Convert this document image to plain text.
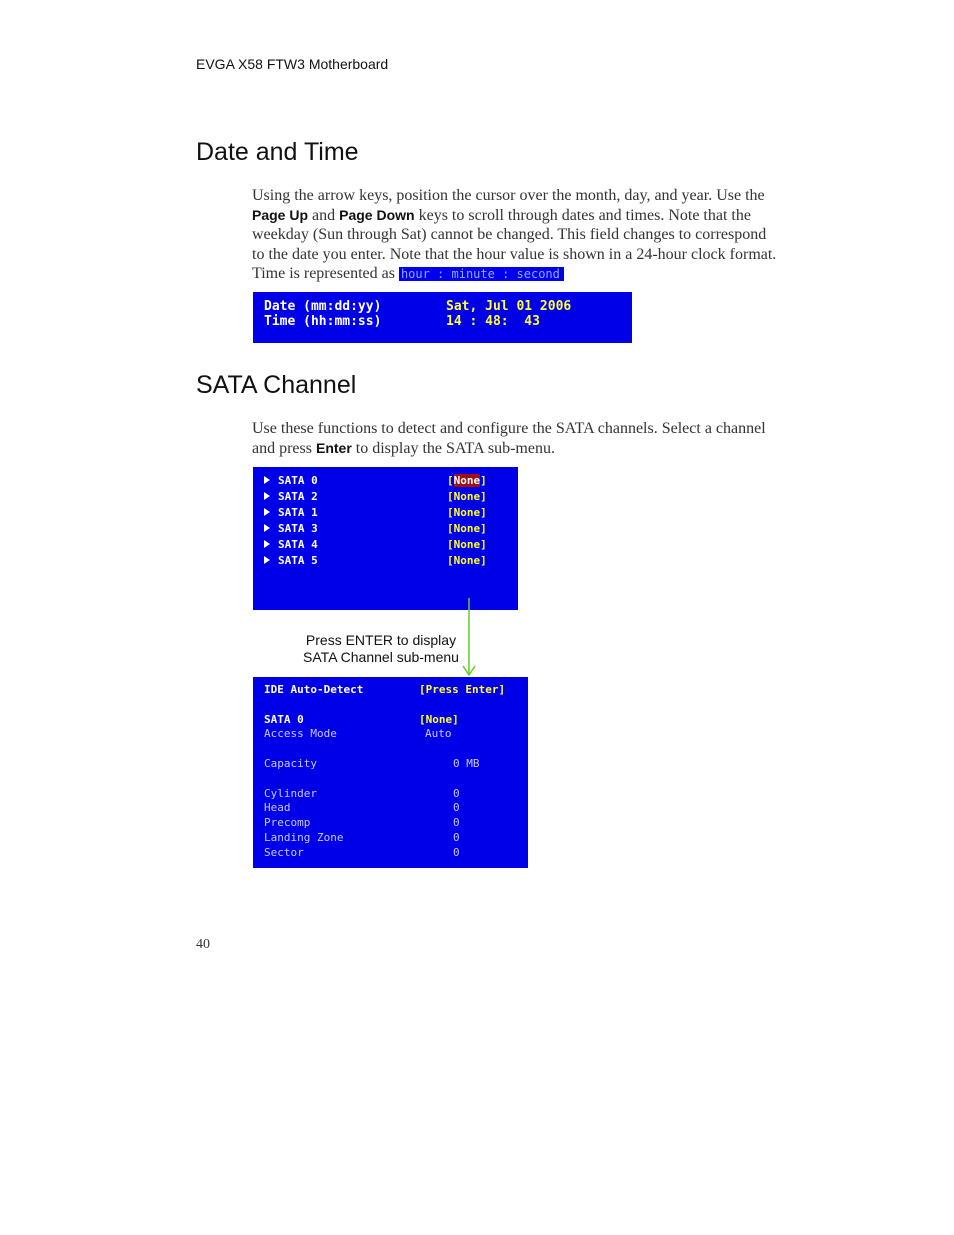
EVGA X58 FTW3 Motherboard
Date and Time

Using the arrow keys, position the cursor over the month, day, and year. Use the Page Up and Page Down keys to scroll through dates and times. Note that the weekday (Sun through Sat) cannot be changed. This field changes to correspond to the date you enter. Note that the hour value is shown in a 24-hour clock format. Time is represented as hour : minute : second

Date (mm:dd:yy)	Sat, Jul 01 2006
Time (hh:mm:ss)	14 : 48:  43
SATA Channel

Use these functions to detect and configure the SATA channels. Select a channel and press Enter to display the SATA sub-menu.

SATA 0	[None]
SATA 2	[None]
SATA 1	[None]
SATA 3	[None]
SATA 4	[None]
SATA 5	[None]
Press ENTER to display
SATA Channel sub-menu
IDE Auto-Detect	[Press Enter]
SATA 0	[None]
Access Mode	Auto
Capacity	0 MB
Cylinder	0
Head	0
Precomp	0
Landing Zone	0
Sector	0
40
